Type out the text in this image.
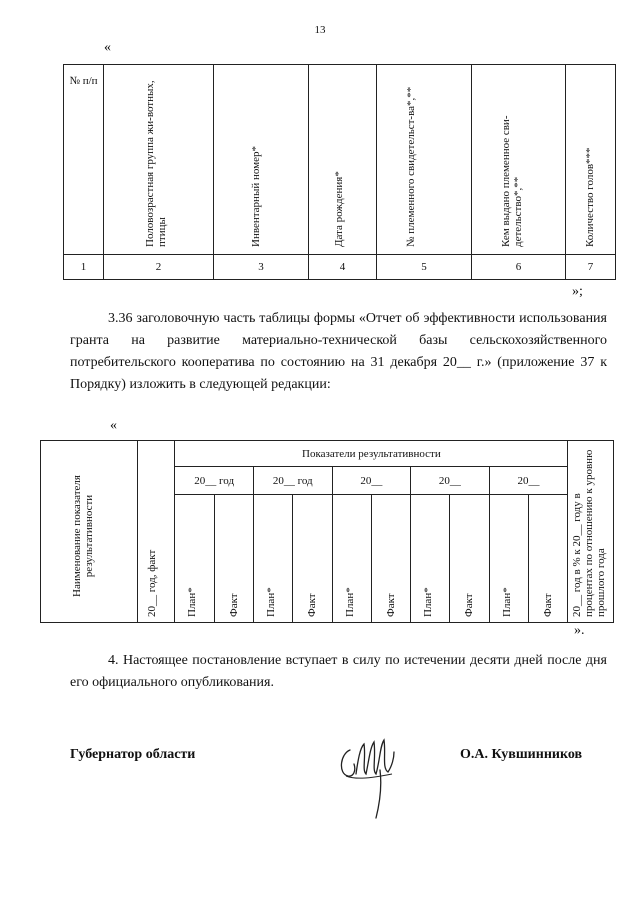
13
«
№ п/п	Половозрастная группа жи-вотных, птицы	Инвентарный номер*	Дата рождения*	№ племенного свидетельст-ва*,**	Кем выдано племенное сви-детельство*,**	Количество голов***

1	2	3	4	5	6	7
»;
3.36 заголовочную часть таблицы формы «Отчет об эффективности использования гранта на развитие материально-технической базы сельскохозяйственного потребительского кооператива по состоянию на 31 декабря 20__ г.» (приложение 37 к Порядку) изложить в следующей редакции:
«
Наименование показателя результативности	20__ год, факт	Показатели результативности										20__ год в % к 20__ году в процентах по отношению к уровню прошлого года

		20__ год		20__ год		20__		20__		20__		

		План*	Факт	План*	Факт	План*	Факт	План*	Факт	План*	Факт	
».
4. Настоящее постановление вступает в силу по истечении десяти дней после дня его официального опубликования.
Губернатор области	О.А. Кувшинников
